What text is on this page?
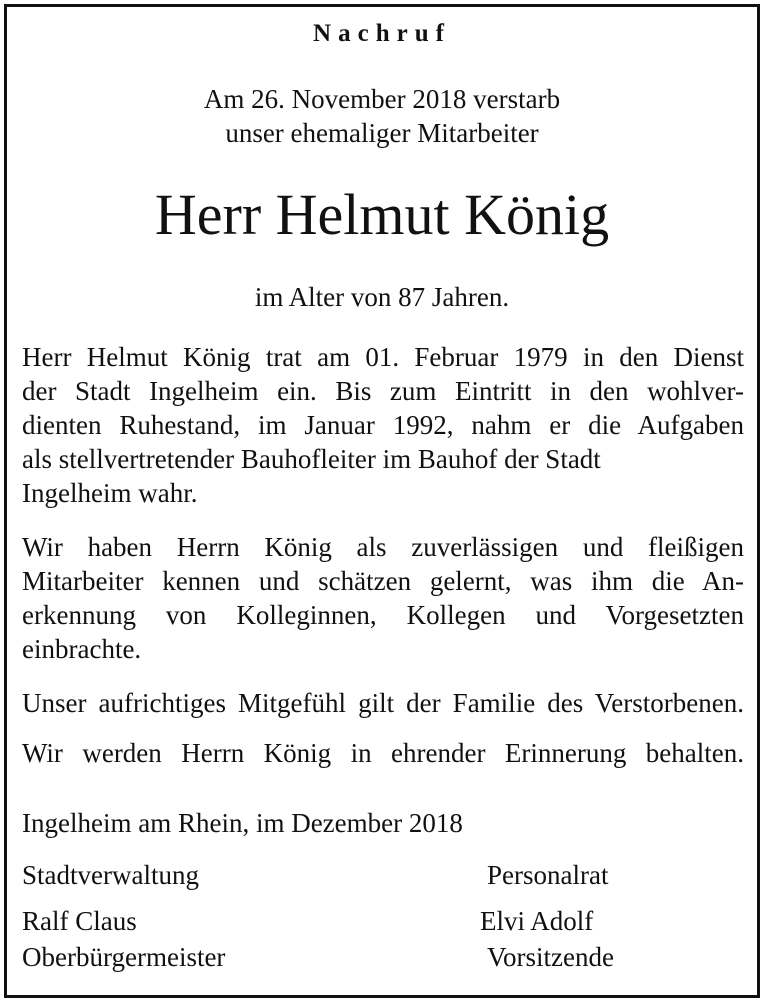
Nachruf
Am 26. November 2018 verstarb
unser ehemaliger Mitarbeiter
Herr Helmut König
im Alter von 87 Jahren.
Herr Helmut König trat am 01. Februar 1979 in den Dienst
der Stadt Ingelheim ein. Bis zum Eintritt in den wohlver-
dienten Ruhestand, im Januar 1992, nahm er die Aufgaben
als stellvertretender Bauhofleiter im Bauhof der Stadt
Ingelheim wahr.
Wir haben Herrn König als zuverlässigen und fleißigen
Mitarbeiter kennen und schätzen gelernt, was ihm die An-
erkennung von Kolleginnen, Kollegen und Vorgesetzten
einbrachte.
Unser aufrichtiges Mitgefühl gilt der Familie des Verstorbenen.
Wir werden Herrn König in ehrender Erinnerung behalten.
Ingelheim am Rhein, im Dezember 2018
Stadtverwaltung	Personalrat
Ralf Claus	Elvi Adolf
Oberbürgermeister	Vorsitzende
